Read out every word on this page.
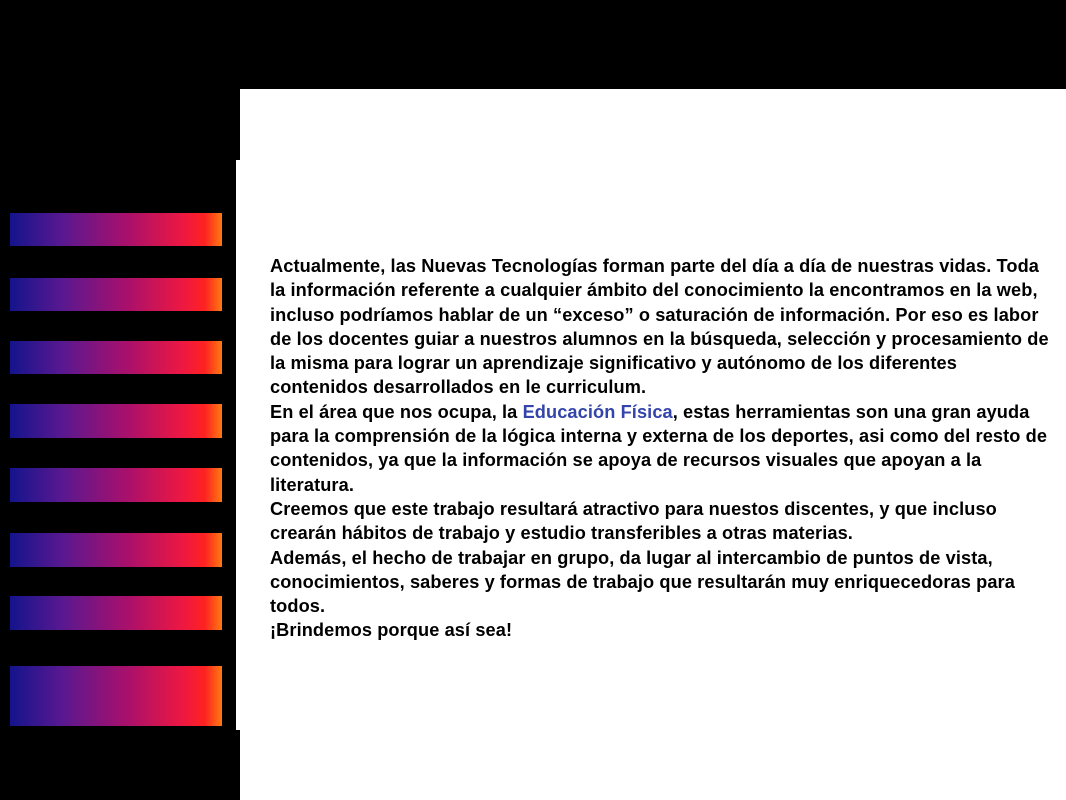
Actualmente, las Nuevas Tecnologías forman parte del día a día de nuestras vidas. Toda la información referente a cualquier ámbito del conocimiento la encontramos en la web, incluso podríamos hablar de un “exceso” o saturación de información. Por eso es labor de los docentes guiar a nuestros alumnos en la búsqueda, selección y procesamiento de la misma para lograr un aprendizaje significativo y autónomo de los diferentes contenidos desarrollados en le curriculum.

En el área que nos ocupa, la Educación Física, estas herramientas son una gran ayuda para la comprensión de la lógica interna y externa de los deportes, asi como del resto de contenidos, ya que la información se apoya de recursos visuales que apoyan a la literatura.

Creemos que este trabajo resultará atractivo para nuestos discentes, y que incluso crearán hábitos de trabajo y estudio transferibles a otras materias.

Además, el hecho de trabajar en grupo, da lugar al intercambio de puntos de vista, conocimientos, saberes y formas de trabajo que resultarán muy enriquecedoras para todos.

¡Brindemos porque así sea!
